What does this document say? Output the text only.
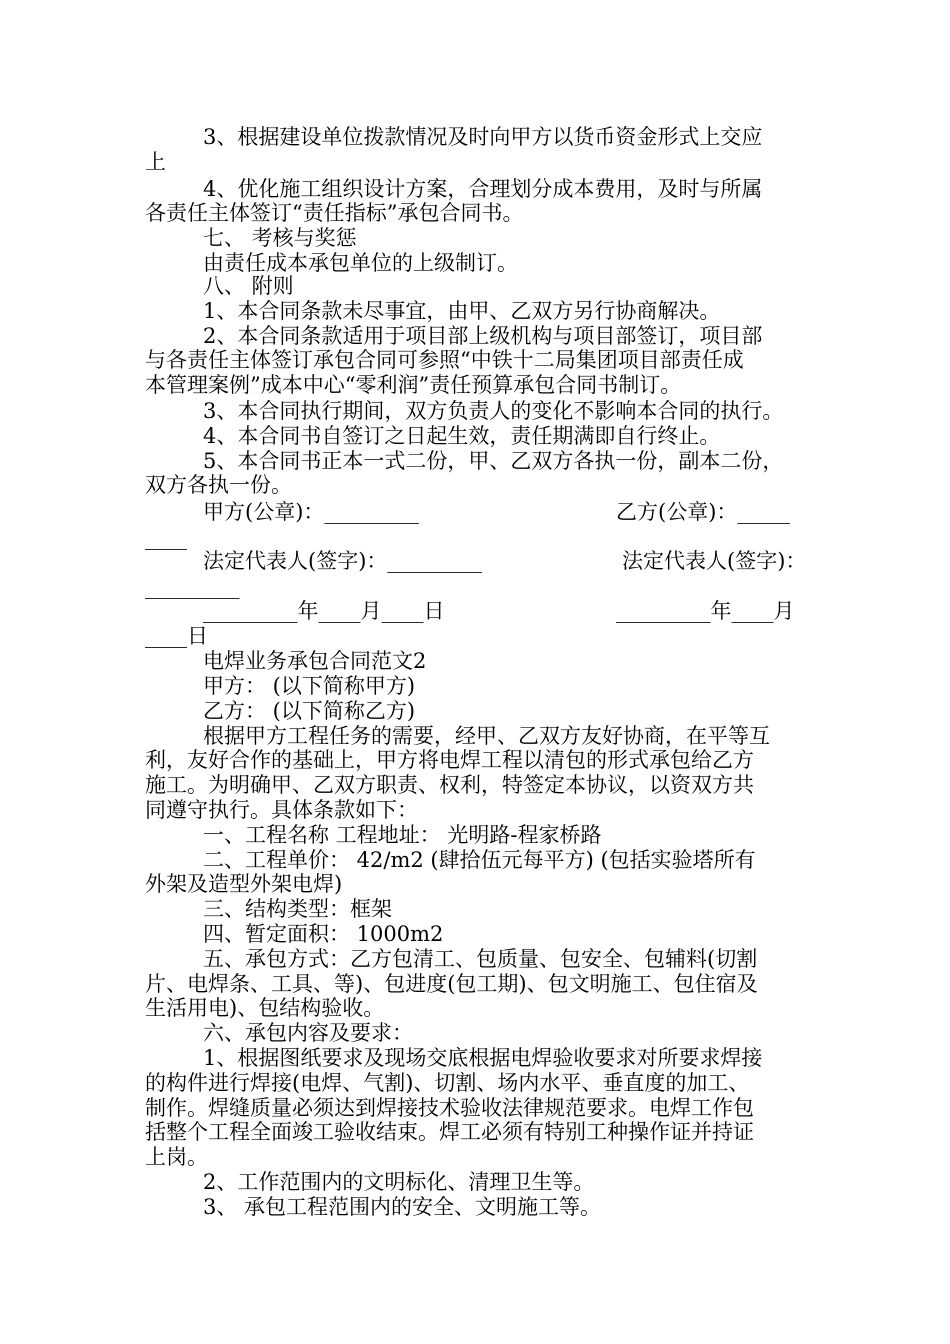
3、根据建设单位拨款情况及时向甲方以货币资金形式上交应
上
4、优化施工组织设计方案，合理划分成本费用，及时与所属
各责任主体签订“责任指标”承包合同书。
七、 考核与奖惩
由责任成本承包单位的上级制订。
八、 附则
1、本合同条款未尽事宜，由甲、乙双方另行协商解决。
2、本合同条款适用于项目部上级机构与项目部签订，项目部
与各责任主体签订承包合同可参照“中铁十二局集团项目部责任成
本管理案例”成本中心“零利润”责任预算承包合同书制订。
3、本合同执行期间，双方负责人的变化不影响本合同的执行。
4、本合同书自签订之日起生效，责任期满即自行终止。
5、本合同书正本一式二份，甲、乙双方各执一份，副本二份，
双方各执一份。
甲方(公章)：_________	乙方(公章)：_____
____
法定代表人(签字)：_________	法定代表人(签字)：
_________
_________年____月____日	_________年____月
____日
电焊业务承包合同范文2
甲方： (以下简称甲方)
乙方： (以下简称乙方)
根据甲方工程任务的需要，经甲、乙双方友好协商，在平等互
利，友好合作的基础上，甲方将电焊工程以清包的形式承包给乙方
施工。为明确甲、乙双方职责、权利，特签定本协议，以资双方共
同遵守执行。具体条款如下：
一、工程名称 工程地址： 光明路-程家桥路
二、工程单价： 42/m2 (肆拾伍元每平方) (包括实验塔所有
外架及造型外架电焊)
三、结构类型：框架
四、暂定面积： 1000m2
五、承包方式：乙方包清工、包质量、包安全、包辅料(切割
片、电焊条、工具、等)、包进度(包工期)、包文明施工、包住宿及
生活用电)、包结构验收。
六、承包内容及要求：
1、根据图纸要求及现场交底根据电焊验收要求对所要求焊接
的构件进行焊接(电焊、气割)、切割、场内水平、垂直度的加工、
制作。焊缝质量必须达到焊接技术验收法律规范要求。电焊工作包
括整个工程全面竣工验收结束。焊工必须有特别工种操作证并持证
上岗。
2、工作范围内的文明标化、清理卫生等。
3、 承包工程范围内的安全、文明施工等。
